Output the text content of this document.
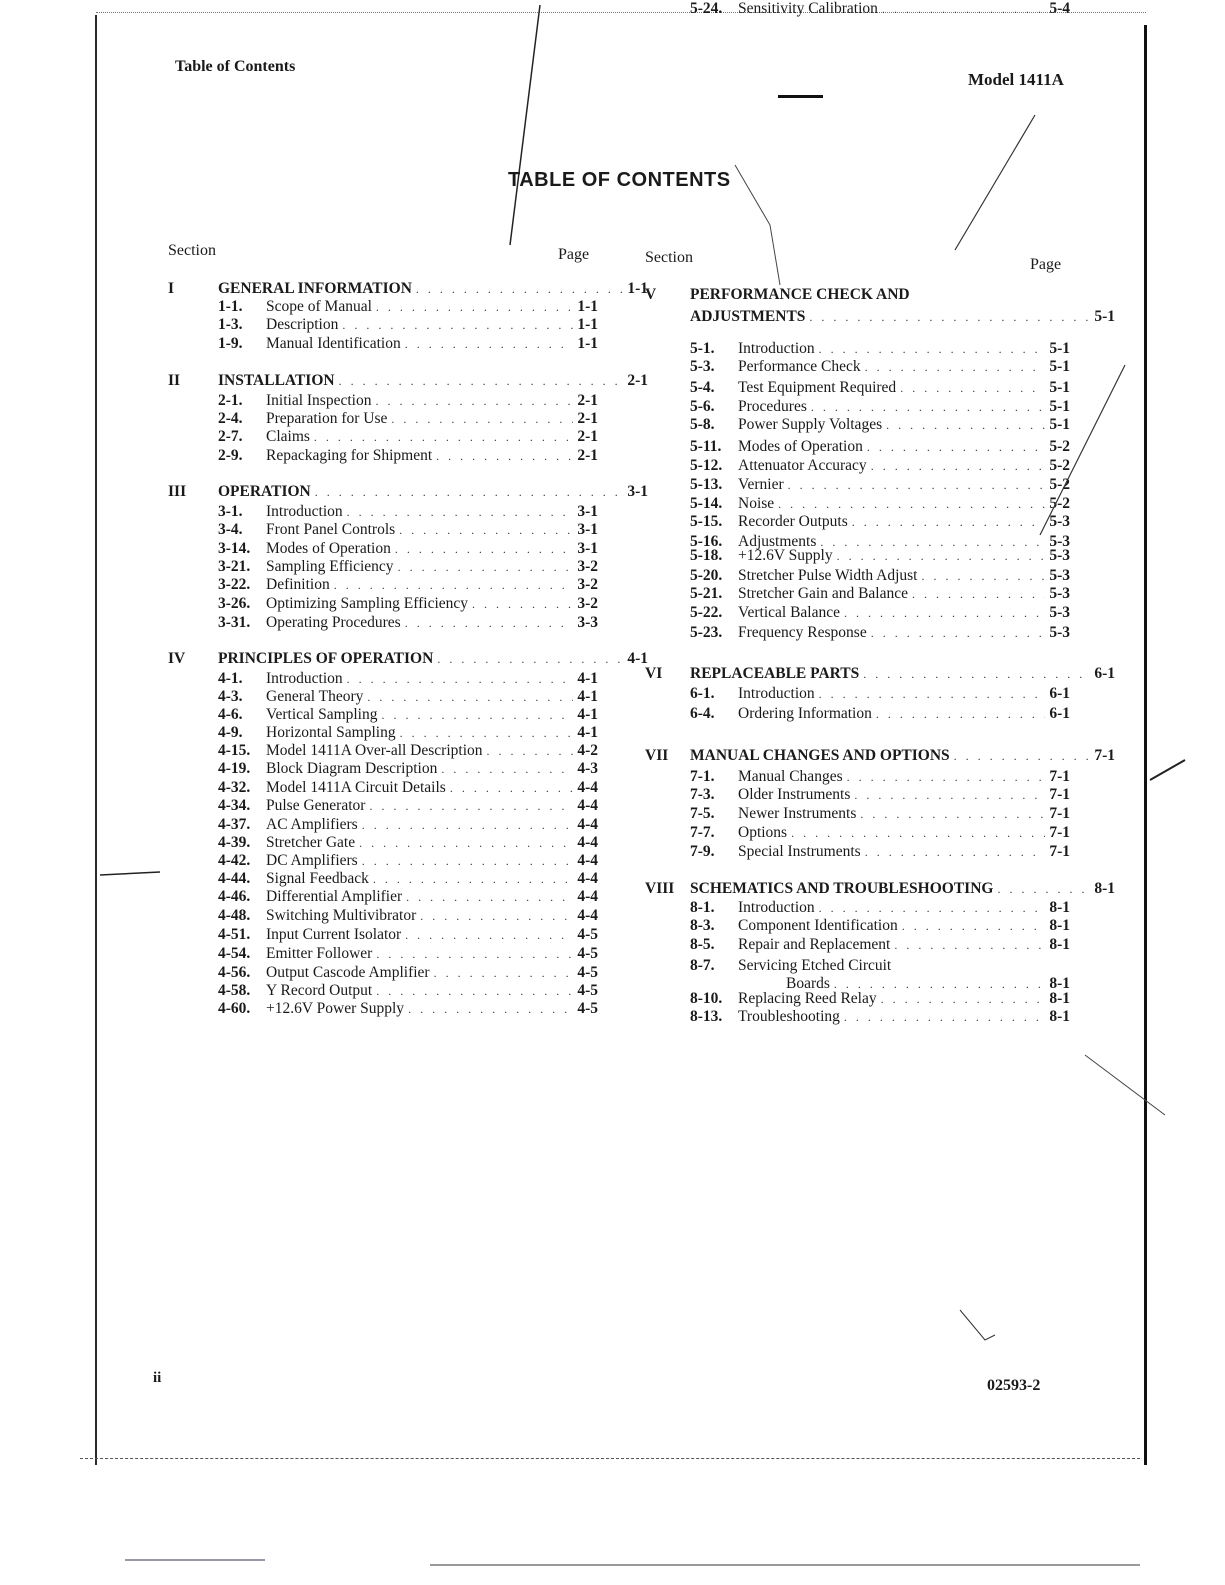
Table of Contents
Model 1411A
TABLE OF CONTENTS
Section	Page	Section	Page
I	GENERAL INFORMATION . . .	1-1
1-1.	Scope of Manual . . .	1-1
1-3.	Description . . .	1-1
1-9.	Manual Identification . . .	1-1
II INSTALLATION . . .	2-1
2-1.	Initial Inspection . . .	2-1
2-4.	Preparation for Use . . .	2-1
2-7.	Claims . . .	2-1
2-9.	Repackaging for Shipment . . .	2-1
III OPERATION . . .	3-1
3-1.	Introduction . . .	3-1
3-4.	Front Panel Controls . . .	3-1
3-14.	Modes of Operation . . .	3-1
3-21.	Sampling Efficiency . . .	3-2
3-22.	Definition . . .	3-2
3-26.	Optimizing Sampling Efficiency . . .	3-2
3-31.	Operating Procedures . . .	3-3
IV PRINCIPLES OF OPERATION . . .	4-1
4-1.	Introduction . . .	4-1
4-3.	General Theory . . .	4-1
4-6.	Vertical Sampling . . .	4-1
4-9.	Horizontal Sampling . . .	4-1
4-15.	Model 1411A Over-all Description . . .	4-2
4-19.	Block Diagram Description . . .	4-3
4-32.	Model 1411A Circuit Details . . .	4-4
4-34.	Pulse Generator . . .	4-4
4-37.	AC Amplifiers . . .	4-4
4-39.	Stretcher Gate . . .	4-4
4-42.	DC Amplifiers . . .	4-4
4-44.	Signal Feedback . . .	4-4
4-46.	Differential Amplifier . . .	4-4
4-48.	Switching Multivibrator . . .	4-4
4-51.	Input Current Isolator . . .	4-5
4-54.	Emitter Follower . . .	4-5
4-56.	Output Cascode Amplifier . . .	4-5
4-58.	Y Record Output . . .	4-5
4-60.	+12.6V Power Supply . . .	4-5
V PERFORMANCE CHECK AND
ADJUSTMENTS . . .	5-1
5-1.	Introduction . . .	5-1
5-3.	Performance Check . . .	5-1
5-4.	Test Equipment Required . . .	5-1
5-6.	Procedures . . .	5-1
5-8.	Power Supply Voltages . . .	5-1
5-11.	Modes of Operation . . .	5-2
5-12.	Attenuator Accuracy . . .	5-2
5-13.	Vernier . . .	5-2
5-14.	Noise . . .	5-2
5-15.	Recorder Outputs . . .	5-3
5-16.	Adjustments . . .	5-3
5-18.	+12.6V Supply . . .	5-3
5-20.	Stretcher Pulse Width Adjust . . .	5-3
5-21.	Stretcher Gain and Balance . . .	5-3
5-22.	Vertical Balance . . .	5-3
5-23.	Frequency Response . . .	5-3
5-24.	Sensitivity Calibration . . .	5-4
VI REPLACEABLE PARTS . . .	6-1
6-1.	Introduction . . .	6-1
6-4.	Ordering Information . . .	6-1
VII MANUAL CHANGES AND OPTIONS . . .	7-1
7-1.	Manual Changes . . .	7-1
7-3.	Older Instruments . . .	7-1
7-5.	Newer Instruments . . .	7-1
7-7.	Options . . .	7-1
7-9.	Special Instruments . . .	7-1
VIII SCHEMATICS AND TROUBLESHOOTING . . .	8-1
8-1.	Introduction . . .	8-1
8-3.	Component Identification . . .	8-1
8-5.	Repair and Replacement . . .	8-1
8-7.	Servicing Etched Circuit
Boards . . .	8-1
8-10.	Replacing Reed Relay . . .	8-1
8-13.	Troubleshooting . . .	8-1
ii	02593-2
